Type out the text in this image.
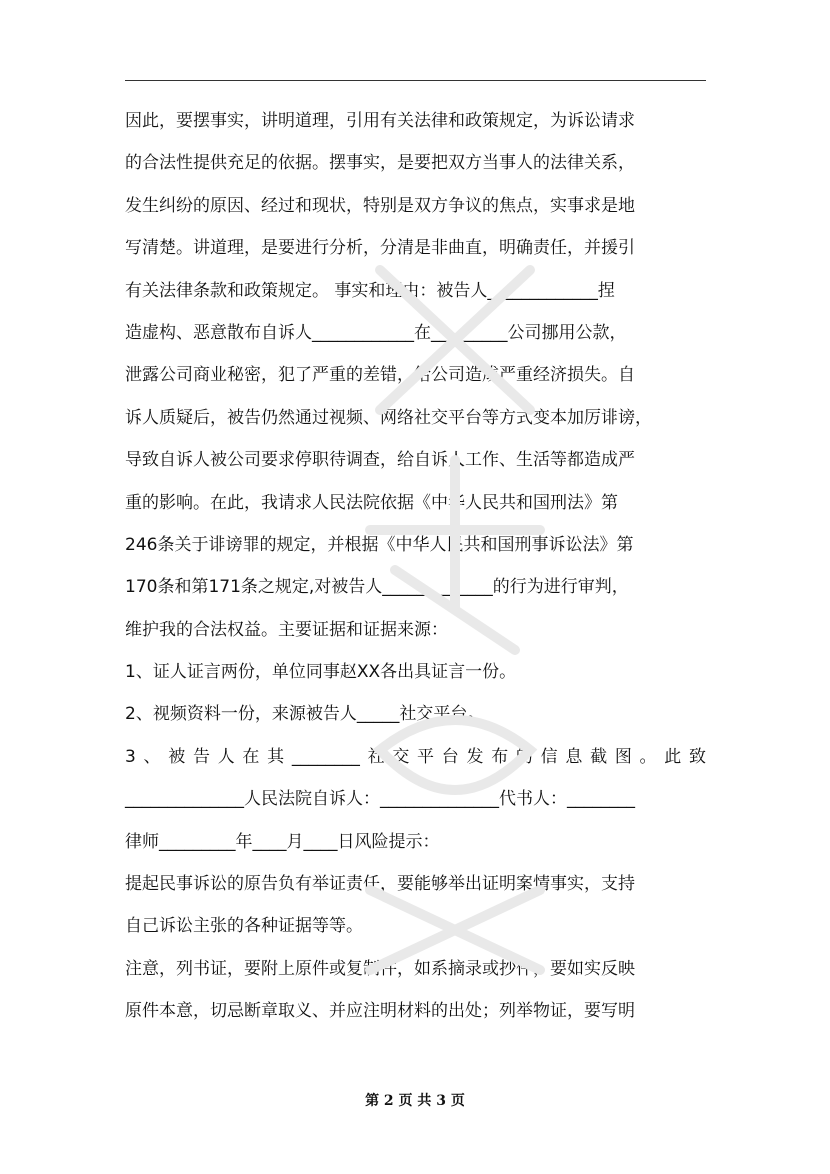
因此，要摆事实，讲明道理，引用有关法律和政策规定，为诉讼请求
的合法性提供充足的依据。摆事实，是要把双方当事人的法律关系，
发生纠纷的原因、经过和现状，特别是双方争议的焦点，实事求是地
写清楚。讲道理，是要进行分析，分清是非曲直，明确责任，并援引
有关法律条款和政策规定。 事实和理由：被告人_____________捏
造虚构、恶意散布自诉人____________在_________公司挪用公款，
泄露公司商业秘密，犯了严重的差错，给公司造成严重经济损失。自
诉人质疑后，被告仍然通过视频、网络社交平台等方式变本加厉诽谤，
导致自诉人被公司要求停职待调查，给自诉人工作、生活等都造成严
重的影响。在此，我请求人民法院依据《中华人民共和国刑法》第
246条关于诽谤罪的规定，并根据《中华人民共和国刑事诉讼法》第
170条和第171条之规定,对被告人_____________的行为进行审判，
维护我的合法权益。主要证据和证据来源：
1、证人证言两份，单位同事赵XX各出具证言一份。
2、视频资料一份，来源被告人_____社交平台。
3、被告人在其________社交平台发布的信息截图。此致
______________人民法院自诉人：______________代书人：________
律师_________年____月____日风险提示：
提起民事诉讼的原告负有举证责任，要能够举出证明案情事实，支持
自己诉讼主张的各种证据等等。
注意，列书证，要附上原件或复制件，如系摘录或抄件，要如实反映
原件本意，切忌断章取义、并应注明材料的出处；列举物证，要写明
第 2 页 共 3 页
